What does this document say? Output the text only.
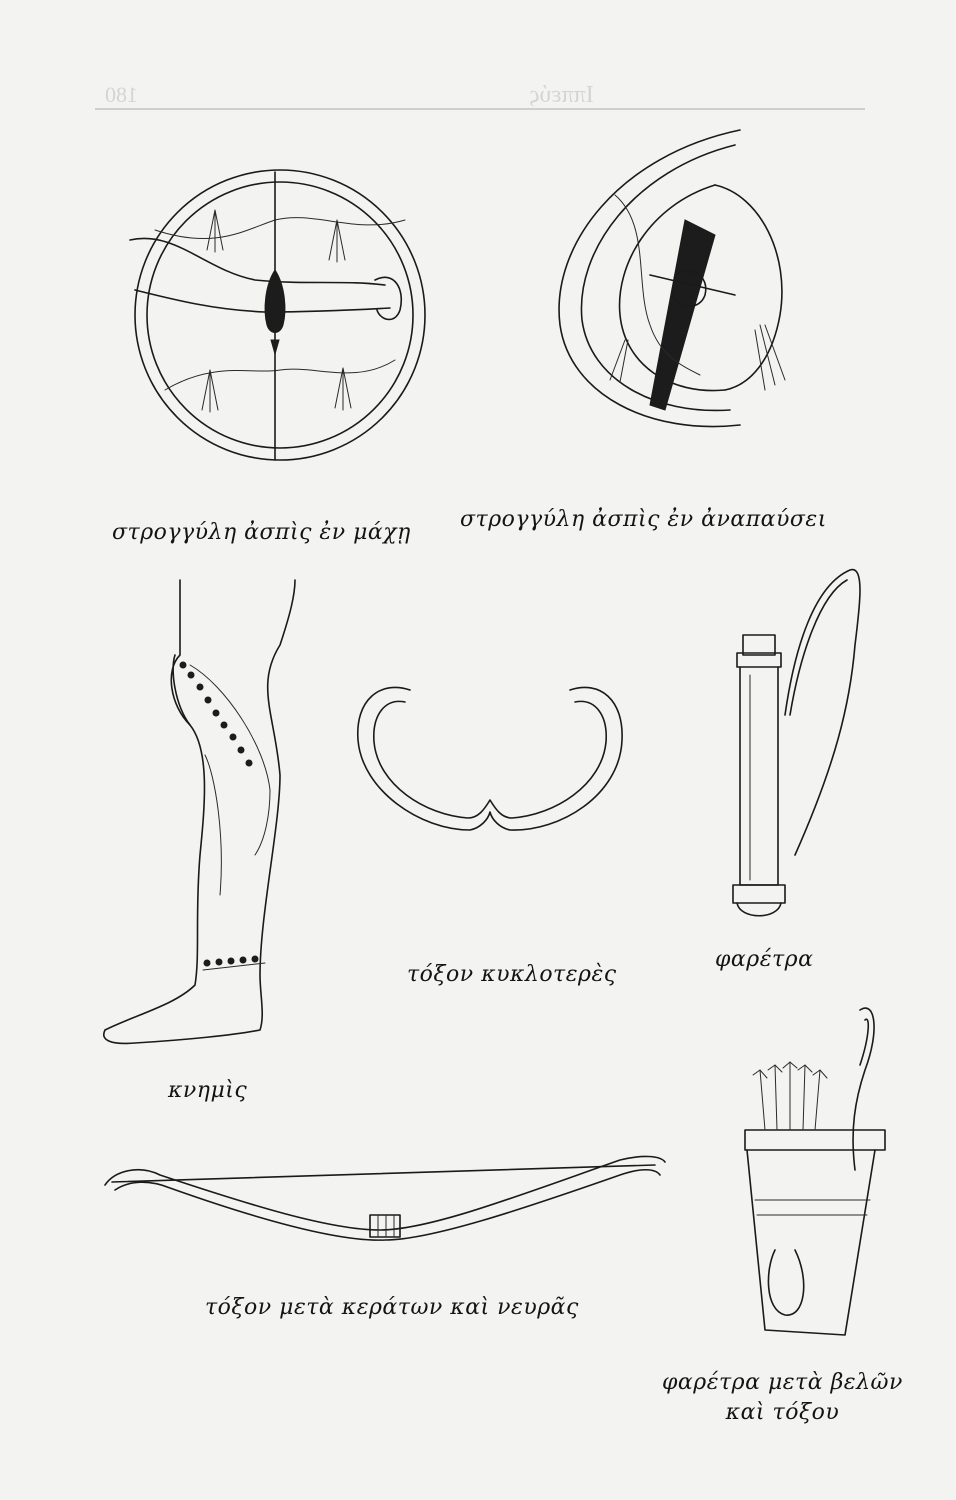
180	Ιππεύς
στρογγύλη ἀσπὶς ἐν μάχῃ
στρογγύλη ἀσπὶς ἐν ἀναπαύσει
κνημὶς
τόξον κυκλοτερὲς
φαρέτρα
τόξον μετὰ κεράτων καὶ νευρᾶς
φαρέτρα μετὰ βελῶν
καὶ τόξου
